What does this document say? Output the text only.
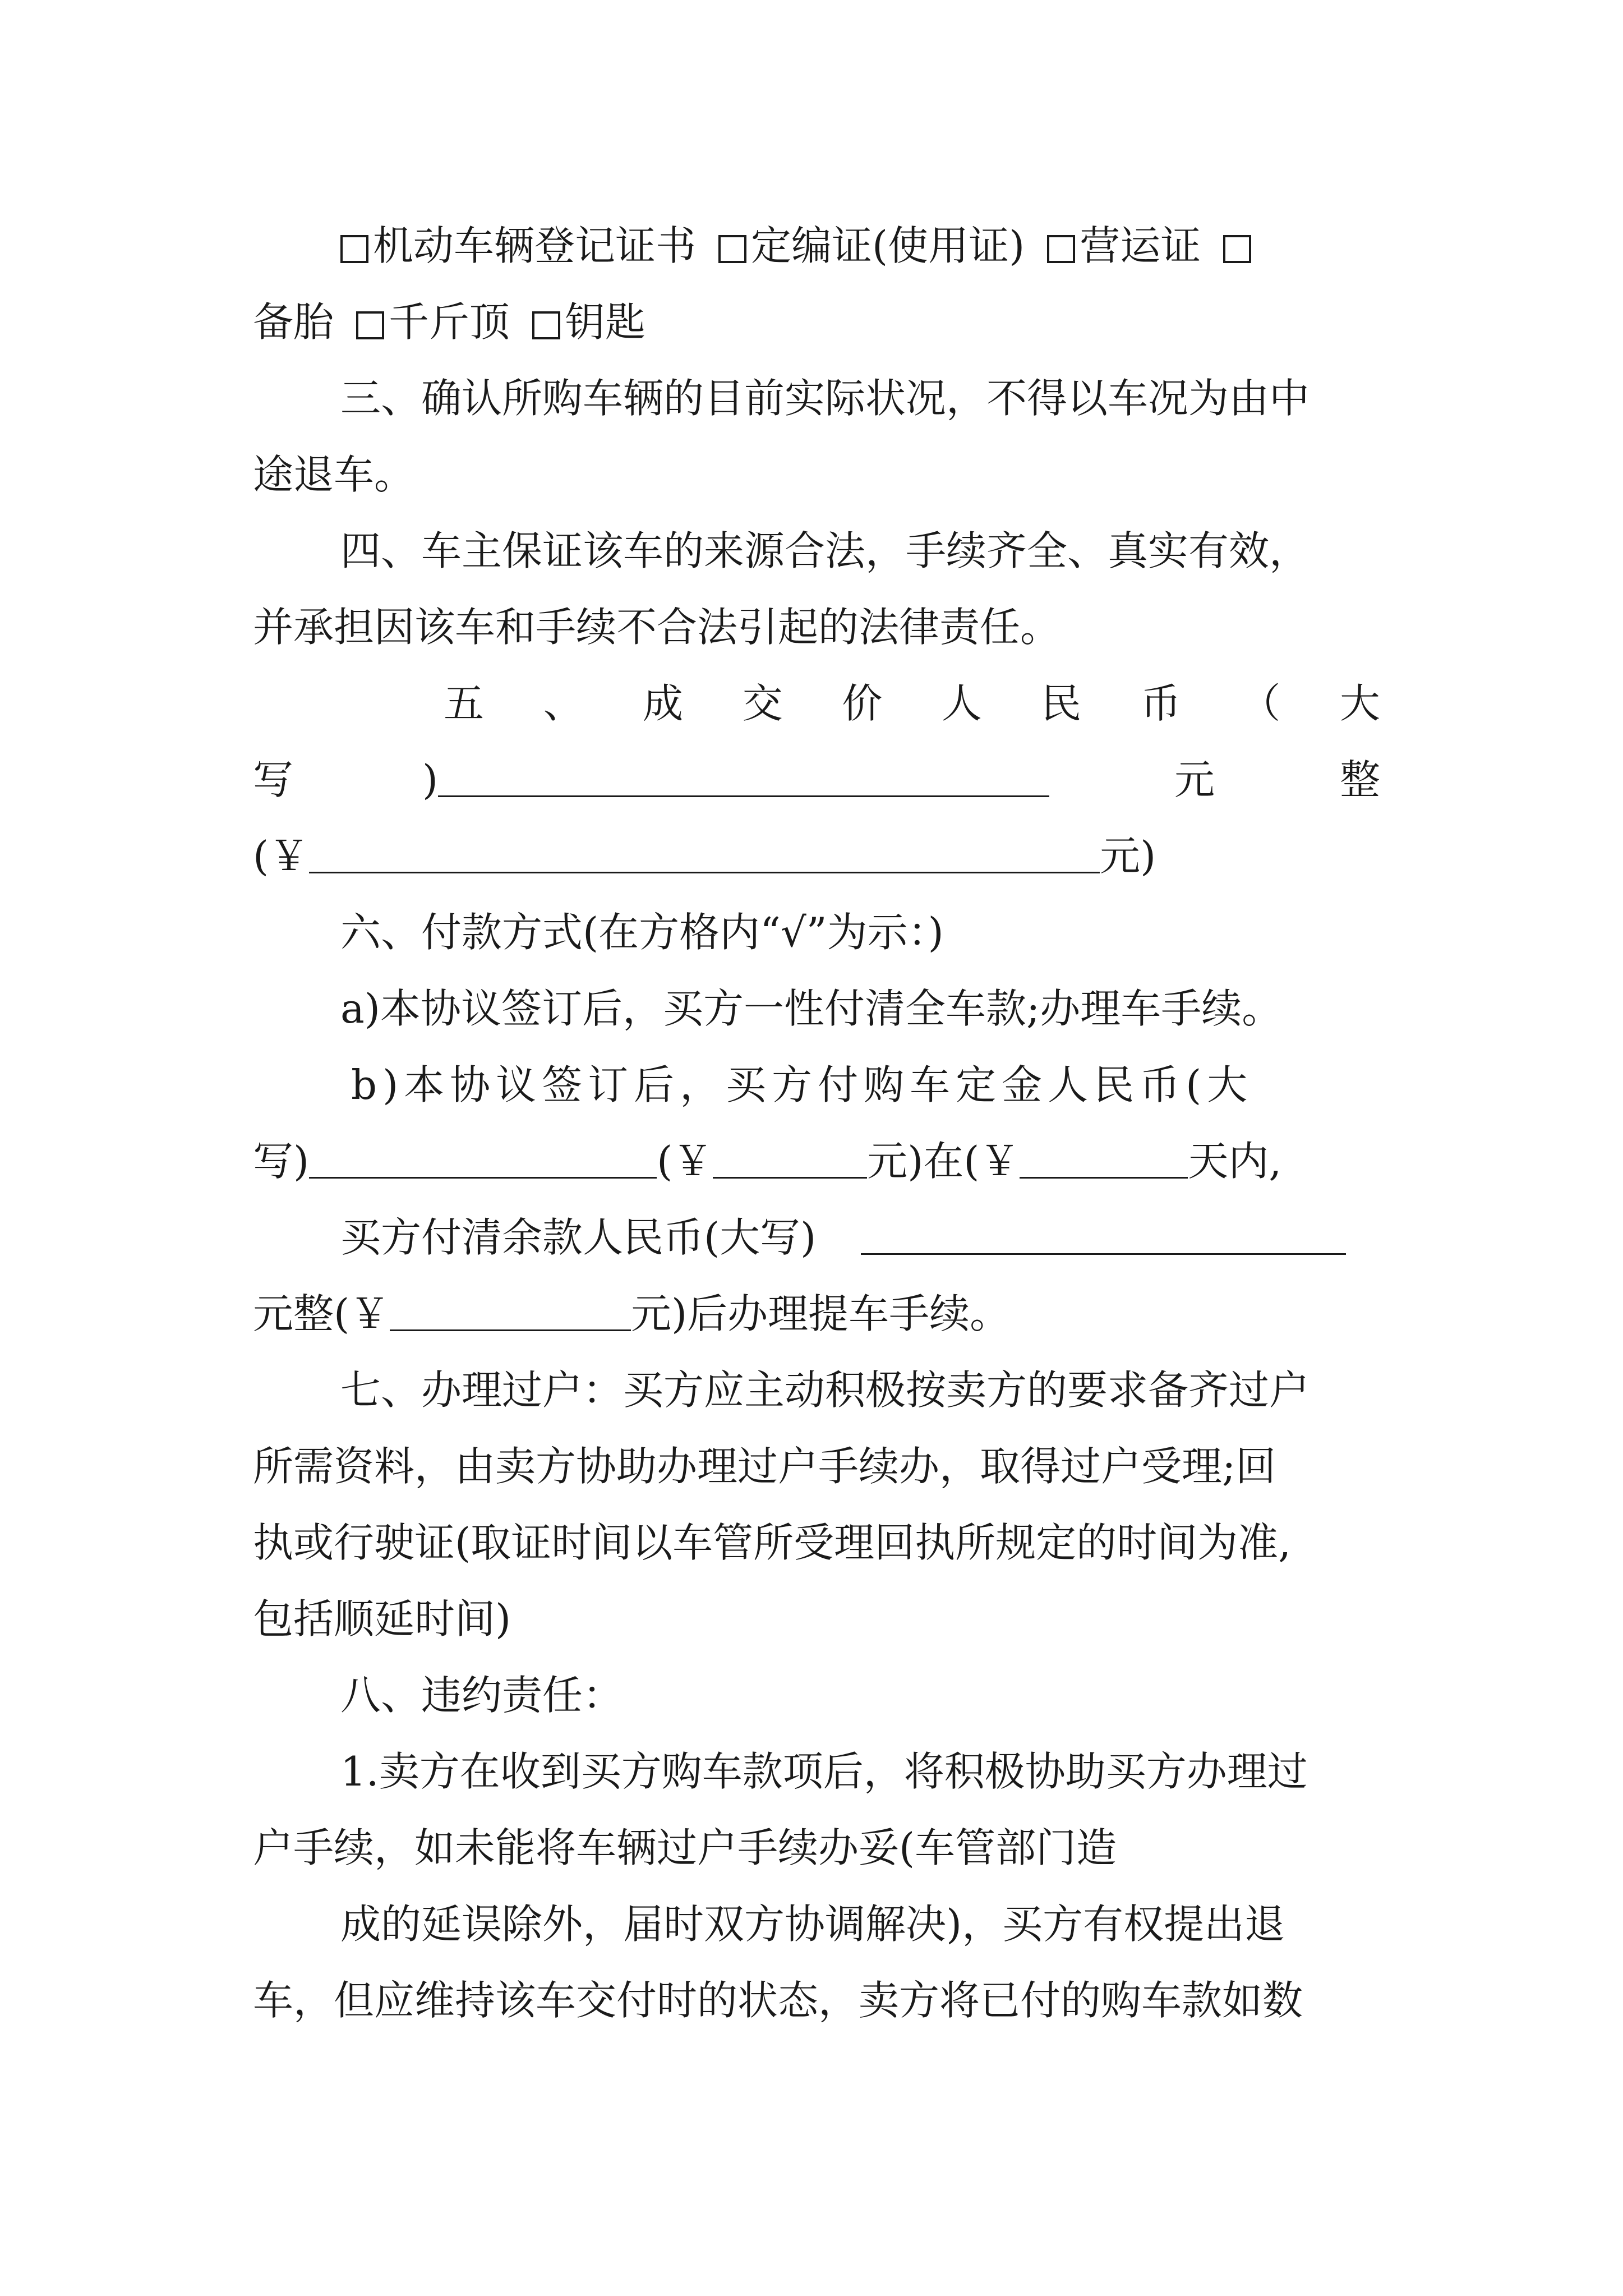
机动车辆登记证书 定编证(使用证) 营运证
备胎 千斤顶 钥匙
三、确认所购车辆的目前实际状况，不得以车况为由中
途退车。
四、车主保证该车的来源合法，手续齐全、真实有效，
并承担因该车和手续不合法引起的法律责任。
五 、 成 交 价 人 民 币 （ 大
写	)	元	整
(￥	元)
六、付款方式(在方格内“√”为示：)
a)本协议签订后，买方一性付清全车款;办理车手续。
b)本协议签订后，买方付购车定金人民币(大
写)	(￥	元)在(￥	天内,
买方付清余款人民币(大写)
元整(￥	元)后办理提车手续。
七、办理过户：买方应主动积极按卖方的要求备齐过户
所需资料，由卖方协助办理过户手续办，取得过户受理;回
执或行驶证(取证时间以车管所受理回执所规定的时间为准,
包括顺延时间)
八、违约责任：
1.卖方在收到买方购车款项后，将积极协助买方办理过
户手续，如未能将车辆过户手续办妥(车管部门造
成的延误除外，届时双方协调解决)，买方有权提出退
车，但应维持该车交付时的状态，卖方将已付的购车款如数
